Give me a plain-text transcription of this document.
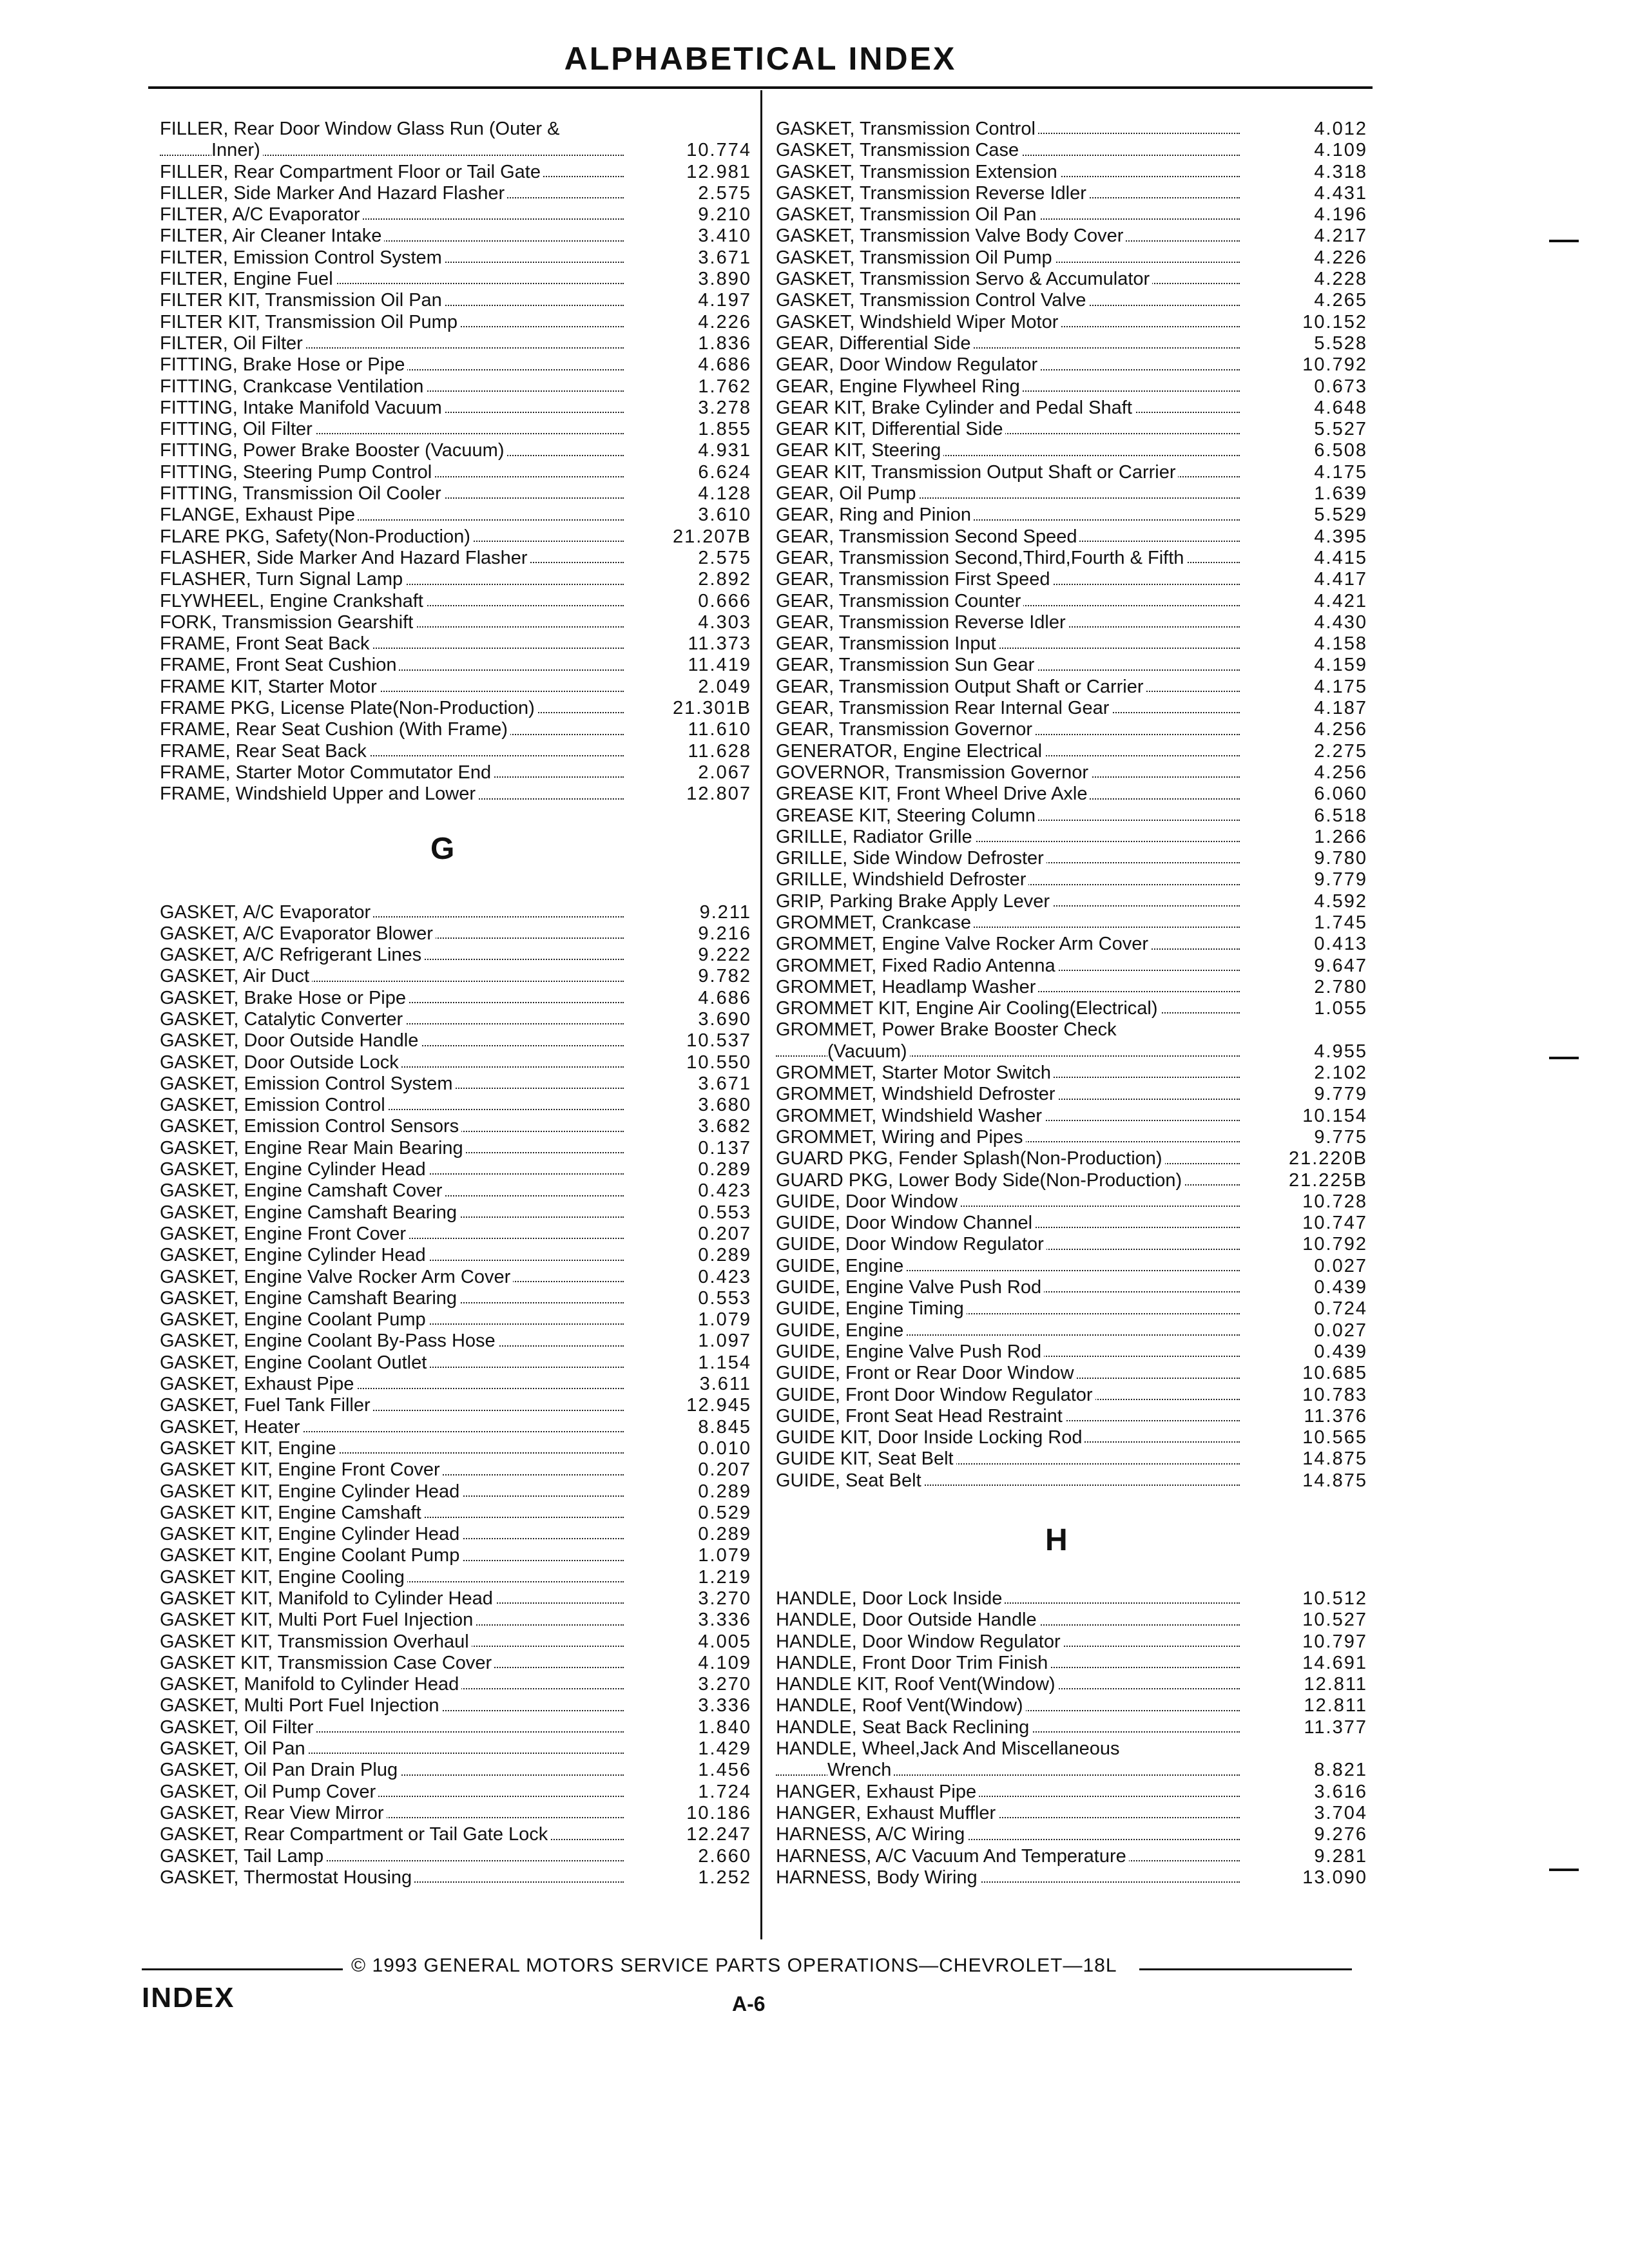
ALPHABETICAL INDEX
FILLER, Rear Door Window Glass Run (Outer &
Inner)	10.774
FILLER, Rear Compartment Floor or Tail Gate	12.981
FILLER, Side Marker And Hazard Flasher	2.575
FILTER, A/C Evaporator	9.210
FILTER, Air Cleaner Intake	3.410
FILTER, Emission Control System	3.671
FILTER, Engine Fuel	3.890
FILTER KIT, Transmission Oil Pan	4.197
FILTER KIT, Transmission Oil Pump	4.226
FILTER, Oil Filter	1.836
FITTING, Brake Hose or Pipe	4.686
FITTING, Crankcase Ventilation	1.762
FITTING, Intake Manifold Vacuum	3.278
FITTING, Oil Filter	1.855
FITTING, Power Brake Booster (Vacuum)	4.931
FITTING, Steering Pump Control	6.624
FITTING, Transmission Oil Cooler	4.128
FLANGE, Exhaust Pipe	3.610
FLARE PKG, Safety(Non-Production)	21.207B
FLASHER, Side Marker And Hazard Flasher	2.575
FLASHER, Turn Signal Lamp	2.892
FLYWHEEL, Engine Crankshaft	0.666
FORK, Transmission Gearshift	4.303
FRAME, Front Seat Back	11.373
FRAME, Front Seat Cushion	11.419
FRAME KIT, Starter Motor	2.049
FRAME PKG, License Plate(Non-Production)	21.301B
FRAME, Rear Seat Cushion (With Frame)	11.610
FRAME, Rear Seat Back	11.628
FRAME, Starter Motor Commutator End	2.067
FRAME, Windshield Upper and Lower	12.807
G
GASKET, A/C Evaporator	9.211
GASKET, A/C Evaporator Blower	9.216
GASKET, A/C Refrigerant Lines	9.222
GASKET, Air Duct	9.782
GASKET, Brake Hose or Pipe	4.686
GASKET, Catalytic Converter	3.690
GASKET, Door Outside Handle	10.537
GASKET, Door Outside Lock	10.550
GASKET, Emission Control System	3.671
GASKET, Emission Control	3.680
GASKET, Emission Control Sensors	3.682
GASKET, Engine Rear Main Bearing	0.137
GASKET, Engine Cylinder Head	0.289
GASKET, Engine Camshaft Cover	0.423
GASKET, Engine Camshaft Bearing	0.553
GASKET, Engine Front Cover	0.207
GASKET, Engine Cylinder Head	0.289
GASKET, Engine Valve Rocker Arm Cover	0.423
GASKET, Engine Camshaft Bearing	0.553
GASKET, Engine Coolant Pump	1.079
GASKET, Engine Coolant By-Pass Hose	1.097
GASKET, Engine Coolant Outlet	1.154
GASKET, Exhaust Pipe	3.611
GASKET, Fuel Tank Filler	12.945
GASKET, Heater	8.845
GASKET KIT, Engine	0.010
GASKET KIT, Engine Front Cover	0.207
GASKET KIT, Engine Cylinder Head	0.289
GASKET KIT, Engine Camshaft	0.529
GASKET KIT, Engine Cylinder Head	0.289
GASKET KIT, Engine Coolant Pump	1.079
GASKET KIT, Engine Cooling	1.219
GASKET KIT, Manifold to Cylinder Head	3.270
GASKET KIT, Multi Port Fuel Injection	3.336
GASKET KIT, Transmission Overhaul	4.005
GASKET KIT, Transmission Case Cover	4.109
GASKET, Manifold to Cylinder Head	3.270
GASKET, Multi Port Fuel Injection	3.336
GASKET, Oil Filter	1.840
GASKET, Oil Pan	1.429
GASKET, Oil Pan Drain Plug	1.456
GASKET, Oil Pump Cover	1.724
GASKET, Rear View Mirror	10.186
GASKET, Rear Compartment or Tail Gate Lock	12.247
GASKET, Tail Lamp	2.660
GASKET, Thermostat Housing	1.252
GASKET, Transmission Control	4.012
GASKET, Transmission Case	4.109
GASKET, Transmission Extension	4.318
GASKET, Transmission Reverse Idler	4.431
GASKET, Transmission Oil Pan	4.196
GASKET, Transmission Valve Body Cover	4.217
GASKET, Transmission Oil Pump	4.226
GASKET, Transmission Servo & Accumulator	4.228
GASKET, Transmission Control Valve	4.265
GASKET, Windshield Wiper Motor	10.152
GEAR, Differential Side	5.528
GEAR, Door Window Regulator	10.792
GEAR, Engine Flywheel Ring	0.673
GEAR KIT, Brake Cylinder and Pedal Shaft	4.648
GEAR KIT, Differential Side	5.527
GEAR KIT, Steering	6.508
GEAR KIT, Transmission Output Shaft or Carrier	4.175
GEAR, Oil Pump	1.639
GEAR, Ring and Pinion	5.529
GEAR, Transmission Second Speed	4.395
GEAR, Transmission Second,Third,Fourth & Fifth	4.415
GEAR, Transmission First Speed	4.417
GEAR, Transmission Counter	4.421
GEAR, Transmission Reverse Idler	4.430
GEAR, Transmission Input	4.158
GEAR, Transmission Sun Gear	4.159
GEAR, Transmission Output Shaft or Carrier	4.175
GEAR, Transmission Rear Internal Gear	4.187
GEAR, Transmission Governor	4.256
GENERATOR, Engine Electrical	2.275
GOVERNOR, Transmission Governor	4.256
GREASE KIT, Front Wheel Drive Axle	6.060
GREASE KIT, Steering Column	6.518
GRILLE, Radiator Grille	1.266
GRILLE, Side Window Defroster	9.780
GRILLE, Windshield Defroster	9.779
GRIP, Parking Brake Apply Lever	4.592
GROMMET, Crankcase	1.745
GROMMET, Engine Valve Rocker Arm Cover	0.413
GROMMET, Fixed Radio Antenna	9.647
GROMMET, Headlamp Washer	2.780
GROMMET KIT, Engine Air Cooling(Electrical)	1.055
GROMMET, Power Brake Booster Check
(Vacuum)	4.955
GROMMET, Starter Motor Switch	2.102
GROMMET, Windshield Defroster	9.779
GROMMET, Windshield Washer	10.154
GROMMET, Wiring and Pipes	9.775
GUARD PKG, Fender Splash(Non-Production)	21.220B
GUARD PKG, Lower Body Side(Non-Production)	21.225B
GUIDE, Door Window	10.728
GUIDE, Door Window Channel	10.747
GUIDE, Door Window Regulator	10.792
GUIDE, Engine	0.027
GUIDE, Engine Valve Push Rod	0.439
GUIDE, Engine Timing	0.724
GUIDE, Engine	0.027
GUIDE, Engine Valve Push Rod	0.439
GUIDE, Front or Rear Door Window	10.685
GUIDE, Front Door Window Regulator	10.783
GUIDE, Front Seat Head Restraint	11.376
GUIDE KIT, Door Inside Locking Rod	10.565
GUIDE KIT, Seat Belt	14.875
GUIDE, Seat Belt	14.875
H
HANDLE, Door Lock Inside	10.512
HANDLE, Door Outside Handle	10.527
HANDLE, Door Window Regulator	10.797
HANDLE, Front Door Trim Finish	14.691
HANDLE KIT, Roof Vent(Window)	12.811
HANDLE, Roof Vent(Window)	12.811
HANDLE, Seat Back Reclining	11.377
HANDLE, Wheel,Jack And Miscellaneous
Wrench	8.821
HANGER, Exhaust Pipe	3.616
HANGER, Exhaust Muffler	3.704
HARNESS, A/C Wiring	9.276
HARNESS, A/C Vacuum And Temperature	9.281
HARNESS, Body Wiring	13.090
© 1993 GENERAL MOTORS SERVICE PARTS OPERATIONS—CHEVROLET—18L
INDEX	A-6
